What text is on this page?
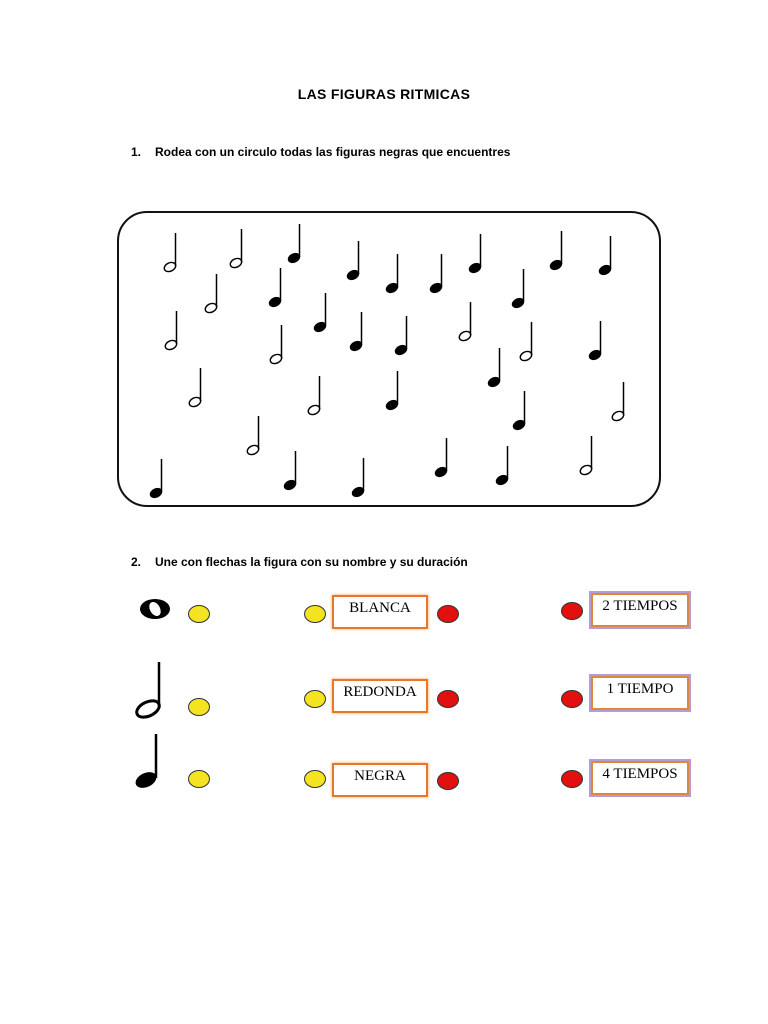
LAS FIGURAS RITMICAS
1. Rodea con un circulo todas las figuras negras que encuentres
2. Une con flechas la figura con su nombre y su duración
BLANCA	2 TIEMPOS
REDONDA	1 TIEMPO
NEGRA	4 TIEMPOS
